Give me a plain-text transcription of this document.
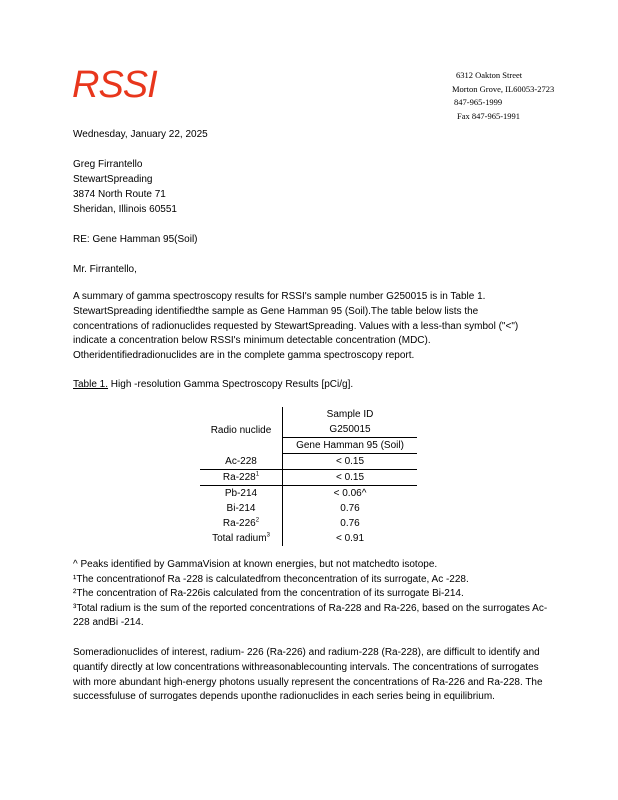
RSSI	6312 Oakton Street
Morton Grove, IL60053-2723
847-965-1999
Fax 847-965-1991
Wednesday, January 22, 2025
Greg Firrantello
StewartSpreading
3874 North Route 71
Sheridan, Illinois 60551
RE: Gene Hamman 95(Soil)
Mr. Firrantello,
A summary of gamma spectroscopy results for RSSI's sample number G250015 is in Table 1. StewartSpreading identifiedthe sample as Gene Hamman 95 (Soil).The table below lists the concentrations of radionuclides requested by StewartSpreading. Values with a less-than symbol ("<") indicate a concentration below RSSI's minimum detectable concentration (MDC). Otheridentifiedradionuclides are in the complete gamma spectroscopy report.
Table 1. High -resolution Gamma Spectroscopy Results [pCi/g].
Radio nuclide	Sample ID
	G250015
	Gene Hamman 95 (Soil)
Ac-228	< 0.15
$Ra-228^1$	< 0.15
Pb-214	< 0.06^
Bi-214	0.76
$Ra-226^2$	0.76
Total radium$^3$	< 0.91
^ Peaks identified by GammaVision at known energies, but not matchedto isotope.
¹The concentrationof Ra -228 is calculatedfrom theconcentration of its surrogate, Ac -228.
²The concentration of Ra-226is calculated from the concentration of its surrogate Bi-214.
³Total radium is the sum of the reported concentrations of Ra-228 and Ra-226, based on the surrogates Ac-228 andBi -214.
Someradionuclides of interest, radium- 226 (Ra-226) and radium-228 (Ra-228), are difficult to identify and quantify directly at low concentrations withreasonablecounting intervals. The concentrations of surrogates with more abundant high-energy photons usually represent the concentrations of Ra-226 and Ra-228. The successfuluse of surrogates depends uponthe radionuclides in each series being in equilibrium.
